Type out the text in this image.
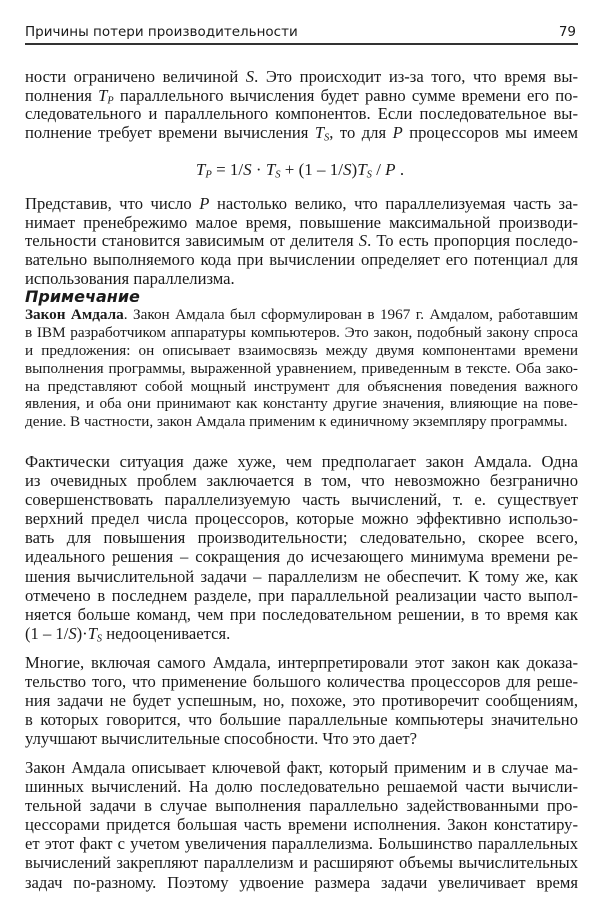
Причины потери производительности	79
ности ограничено величиной S. Это происходит из-за того, что время вы-
полнения $T_P$ параллельного вычисления будет равно сумме времени его по-
следовательного и параллельного компонентов. Если последовательное вы-
полнение требует времени вычисления $T_S$, то для P процессоров мы имеем
$T_P = 1/S \cdot T_S + (1 - 1/S)T_S / P$ .
Представив, что число P настолько велико, что параллелизуемая часть за-
нимает пренебрежимо малое время, повышение максимальной производи-
тельности становится зависимым от делителя S. То есть пропорция последо-
вательно выполняемого кода при вычислении определяет его потенциал для
использования параллелизма.
Примечание
Закон Амдала. Закон Амдала был сформулирован в 1967 г. Амдалом, работавшим
в IBM разработчиком аппаратуры компьютеров. Это закон, подобный закону спроса
и предложения: он описывает взаимосвязь между двумя компонентами времени
выполнения программы, выраженной уравнением, приведенным в тексте. Оба зако-
на представляют собой мощный инструмент для объяснения поведения важного
явления, и оба они принимают как константу другие значения, влияющие на пове-
дение. В частности, закон Амдала применим к единичному экземпляру программы.
Фактически ситуация даже хуже, чем предполагает закон Амдала. Одна
из очевидных проблем заключается в том, что невозможно безгранично
совершенствовать параллелизуемую часть вычислений, т. е. существует
верхний предел числа процессоров, которые можно эффективно использо-
вать для повышения производительности; следовательно, скорее всего,
идеального решения – сокращения до исчезающего минимума времени ре-
шения вычислительной задачи – параллелизм не обеспечит. К тому же, как
отмечено в последнем разделе, при параллельной реализации часто выпол-
няется больше команд, чем при последовательном решении, в то время как
$(1 - 1/S)\cdot T_S$ недооценивается.
Многие, включая самого Амдала, интерпретировали этот закон как доказа-
тельство того, что применение большого количества процессоров для реше-
ния задачи не будет успешным, но, похоже, это противоречит сообщениям,
в которых говорится, что большие параллельные компьютеры значительно
улучшают вычислительные способности. Что это дает?
Закон Амдала описывает ключевой факт, который применим и в случае ма-
шинных вычислений. На долю последовательно решаемой части вычисли-
тельной задачи в случае выполнения параллельно задействованными про-
цессорами придется большая часть времени исполнения. Закон констатиру-
ет этот факт с учетом увеличения параллелизма. Большинство параллельных
вычислений закрепляют параллелизм и расширяют объемы вычислительных
задач по-разному. Поэтому удвоение размера задачи увеличивает время
